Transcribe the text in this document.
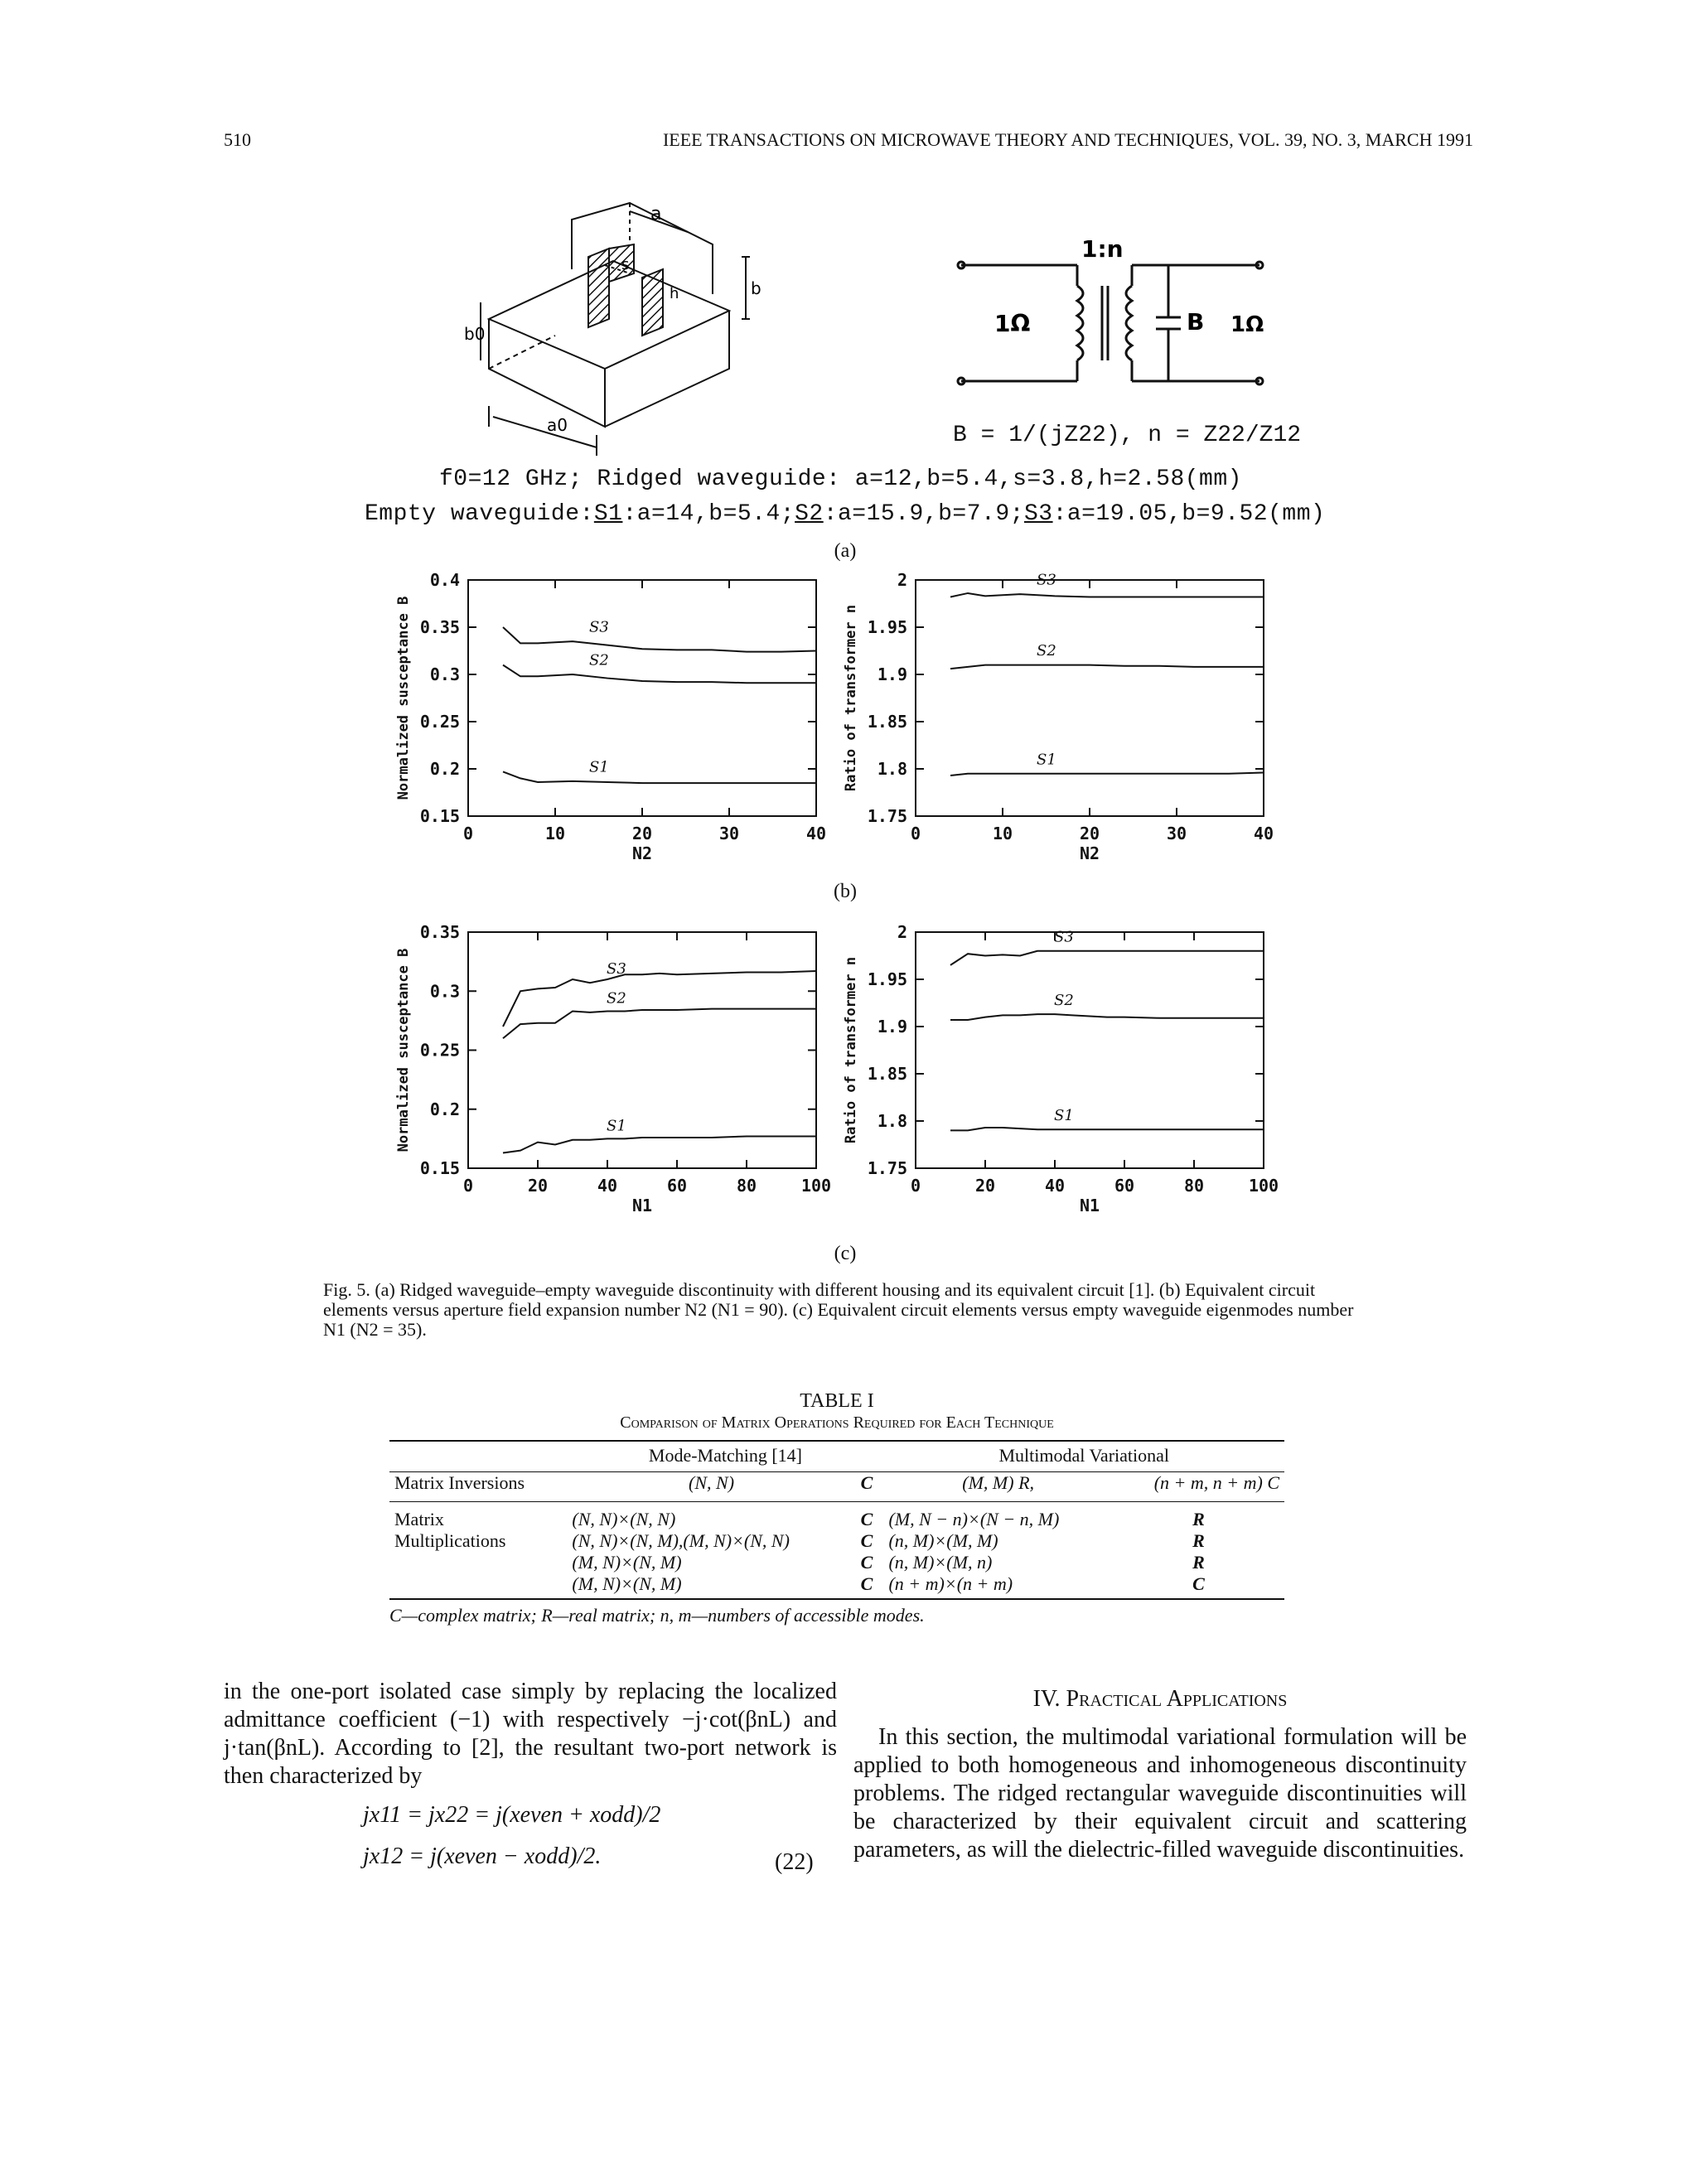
510	IEEE TRANSACTIONS ON MICROWAVE THEORY AND TECHNIQUES, VOL. 39, NO. 3, MARCH 1991
a
b
s
h
a0
b0
1:n
1Ω	B 1Ω
B = 1/(jZ22), n = Z22/Z12
f0=12 GHz; Ridged waveguide: a=12,b=5.4,s=3.8,h=2.58(mm)
Empty waveguide:S1:a=14,b=5.4;S2:a=15.9,b=7.9;S3:a=19.05,b=9.52(mm)
(a)
0	10	20	30	40
0.15
0.2
0.25
0.3
0.35
0.4
N2
Normalized susceptance B	S3
S2
S1
0	10	20	30	40
1.75
1.8
1.85
1.9
1.95
2
N2
Ratio of transformer n
S3
S2
S1
(b)
0	20	40	60	80	100
0.15
0.2
0.25
0.3
0.35
N1
Normalized susceptance B	S3
S2
S1
0	20	40	60	80	100
1.75
1.8
1.85
1.9
1.95
2
N1
Ratio of transformer n
S3
S2
S1
(c)
Fig. 5. (a) Ridged waveguide–empty waveguide discontinuity with different housing and its equivalent circuit [1]. (b) Equivalent circuit elements versus aperture field expansion number N2 (N1 = 90). (c) Equivalent circuit elements versus empty waveguide eigenmodes number N1 (N2 = 35).
TABLE I
Comparison of Matrix Operations Required for Each Technique
	Mode-Matching [14]		Multimodal Variational	
Matrix Inversions	(N, N)	C	(M, M) R,	(n + m, n + m) C
Matrix	(N, N)×(N, N)	C	(M, N − n)×(N − n, M)	R
Multiplications	(N, N)×(N, M),(M, N)×(N, N)	C	(n, M)×(M, M)	R
	(M, N)×(N, M)	C	(n, M)×(M, n)	R
	(M, N)×(N, M)	C	(n + m)×(n + m)	C
C—complex matrix; R—real matrix; n, m—numbers of accessible modes.
in the one-port isolated case simply by replacing the localized admittance coefficient (−1) with respectively −j·cot(βnL) and j·tan(βnL). According to [2], the resultant two-port network is then characterized by
jx11 = jx22 = j(xeven + xodd)/2
jx12 = j(xeven − xodd)/2.	(22)
IV. Practical Applications
In this section, the multimodal variational formulation will be applied to both homogeneous and inhomogeneous discontinuity problems. The ridged rectangular waveguide discontinuities will be characterized by their equivalent circuit and scattering parameters, as will the dielectric-filled waveguide discontinuities.
